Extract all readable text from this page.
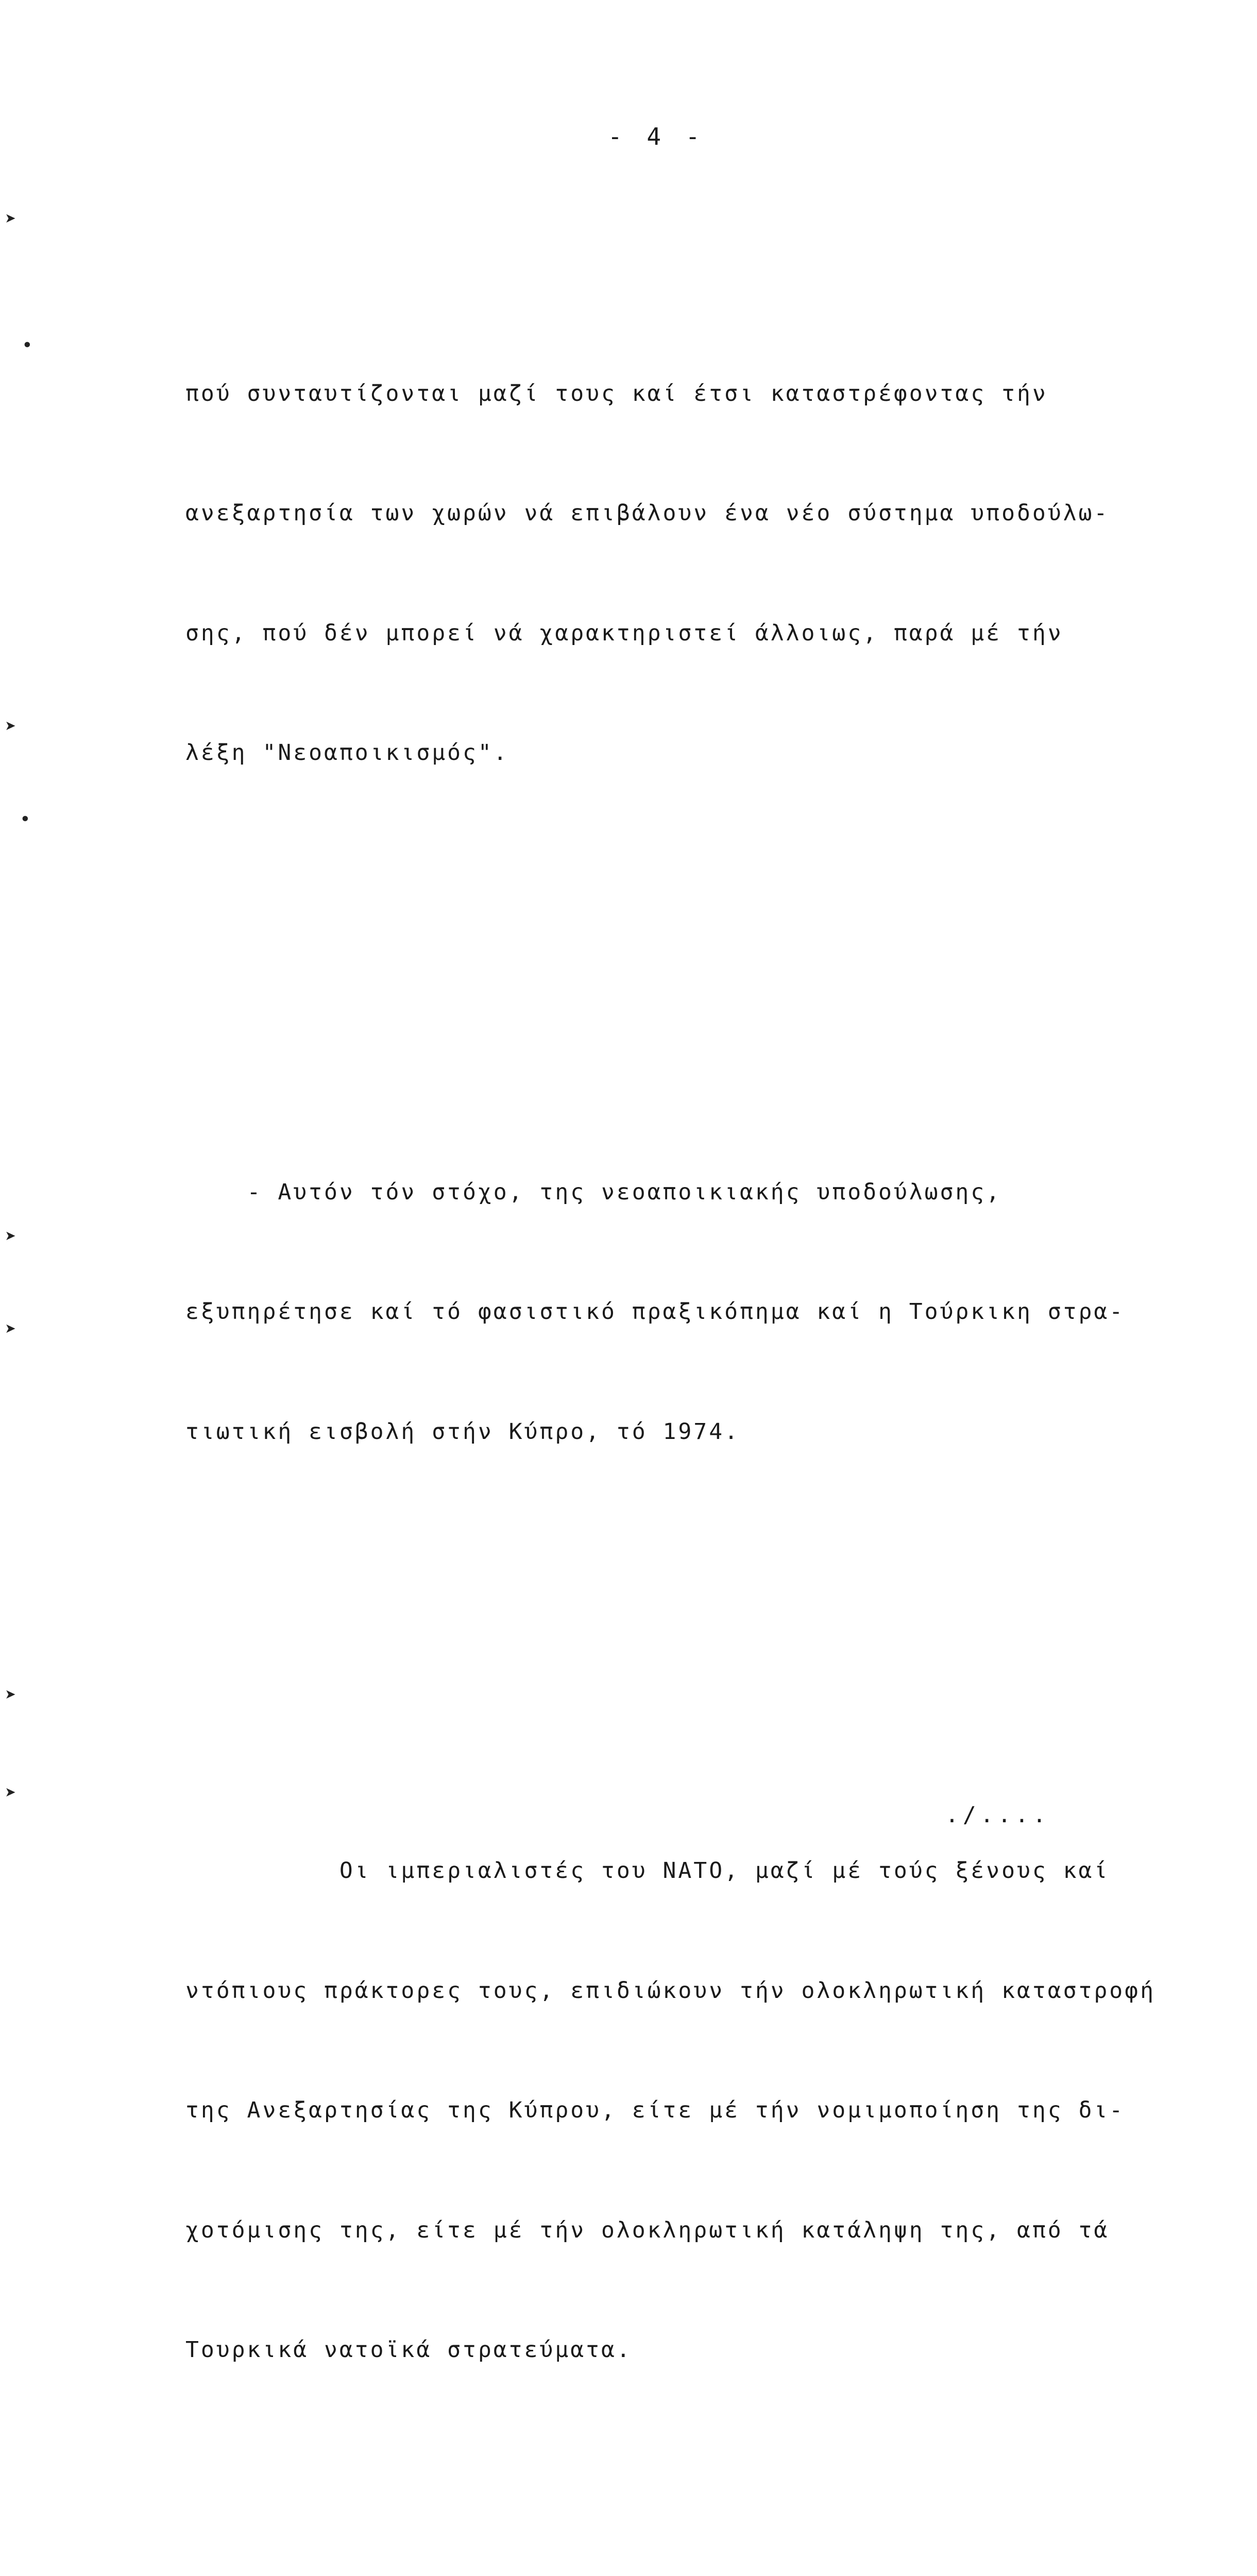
- 4 -

πού συνταυτίζονται μαζί τους καί έτσι καταστρέφοντας τήν

ανεξαρτησία των χωρών νά επιβάλουν ένα νέο σύστημα υποδούλω-

σης, πού δέν μπορεί νά χαρακτηριστεί άλλοιως, παρά μέ τήν

λέξη "Νεοαποικισμός".

- Αυτόν τόν στόχο, της νεοαποικιακής υποδούλωσης,

εξυπηρέτησε καί τό φασιστικό πραξικόπημα καί η Τούρκικη στρα-

τιωτική εισβολή στήν Κύπρο, τό 1974.

Οι ιμπεριαλιστές του ΝΑΤΟ, μαζί μέ τούς ξένους καί

ντόπιους πράκτορες τους, επιδιώκουν τήν ολοκληρωτική καταστροφή

της Ανεξαρτησίας της Κύπρου, είτε μέ τήν νομιμοποίηση της δι-

χοτόμισης της, είτε μέ τήν ολοκληρωτική κατάληψη της, από τά

Τουρκικά νατοϊκά στρατεύματα.

./....
➤
•
➤
•
➤
➤
➤
➤
